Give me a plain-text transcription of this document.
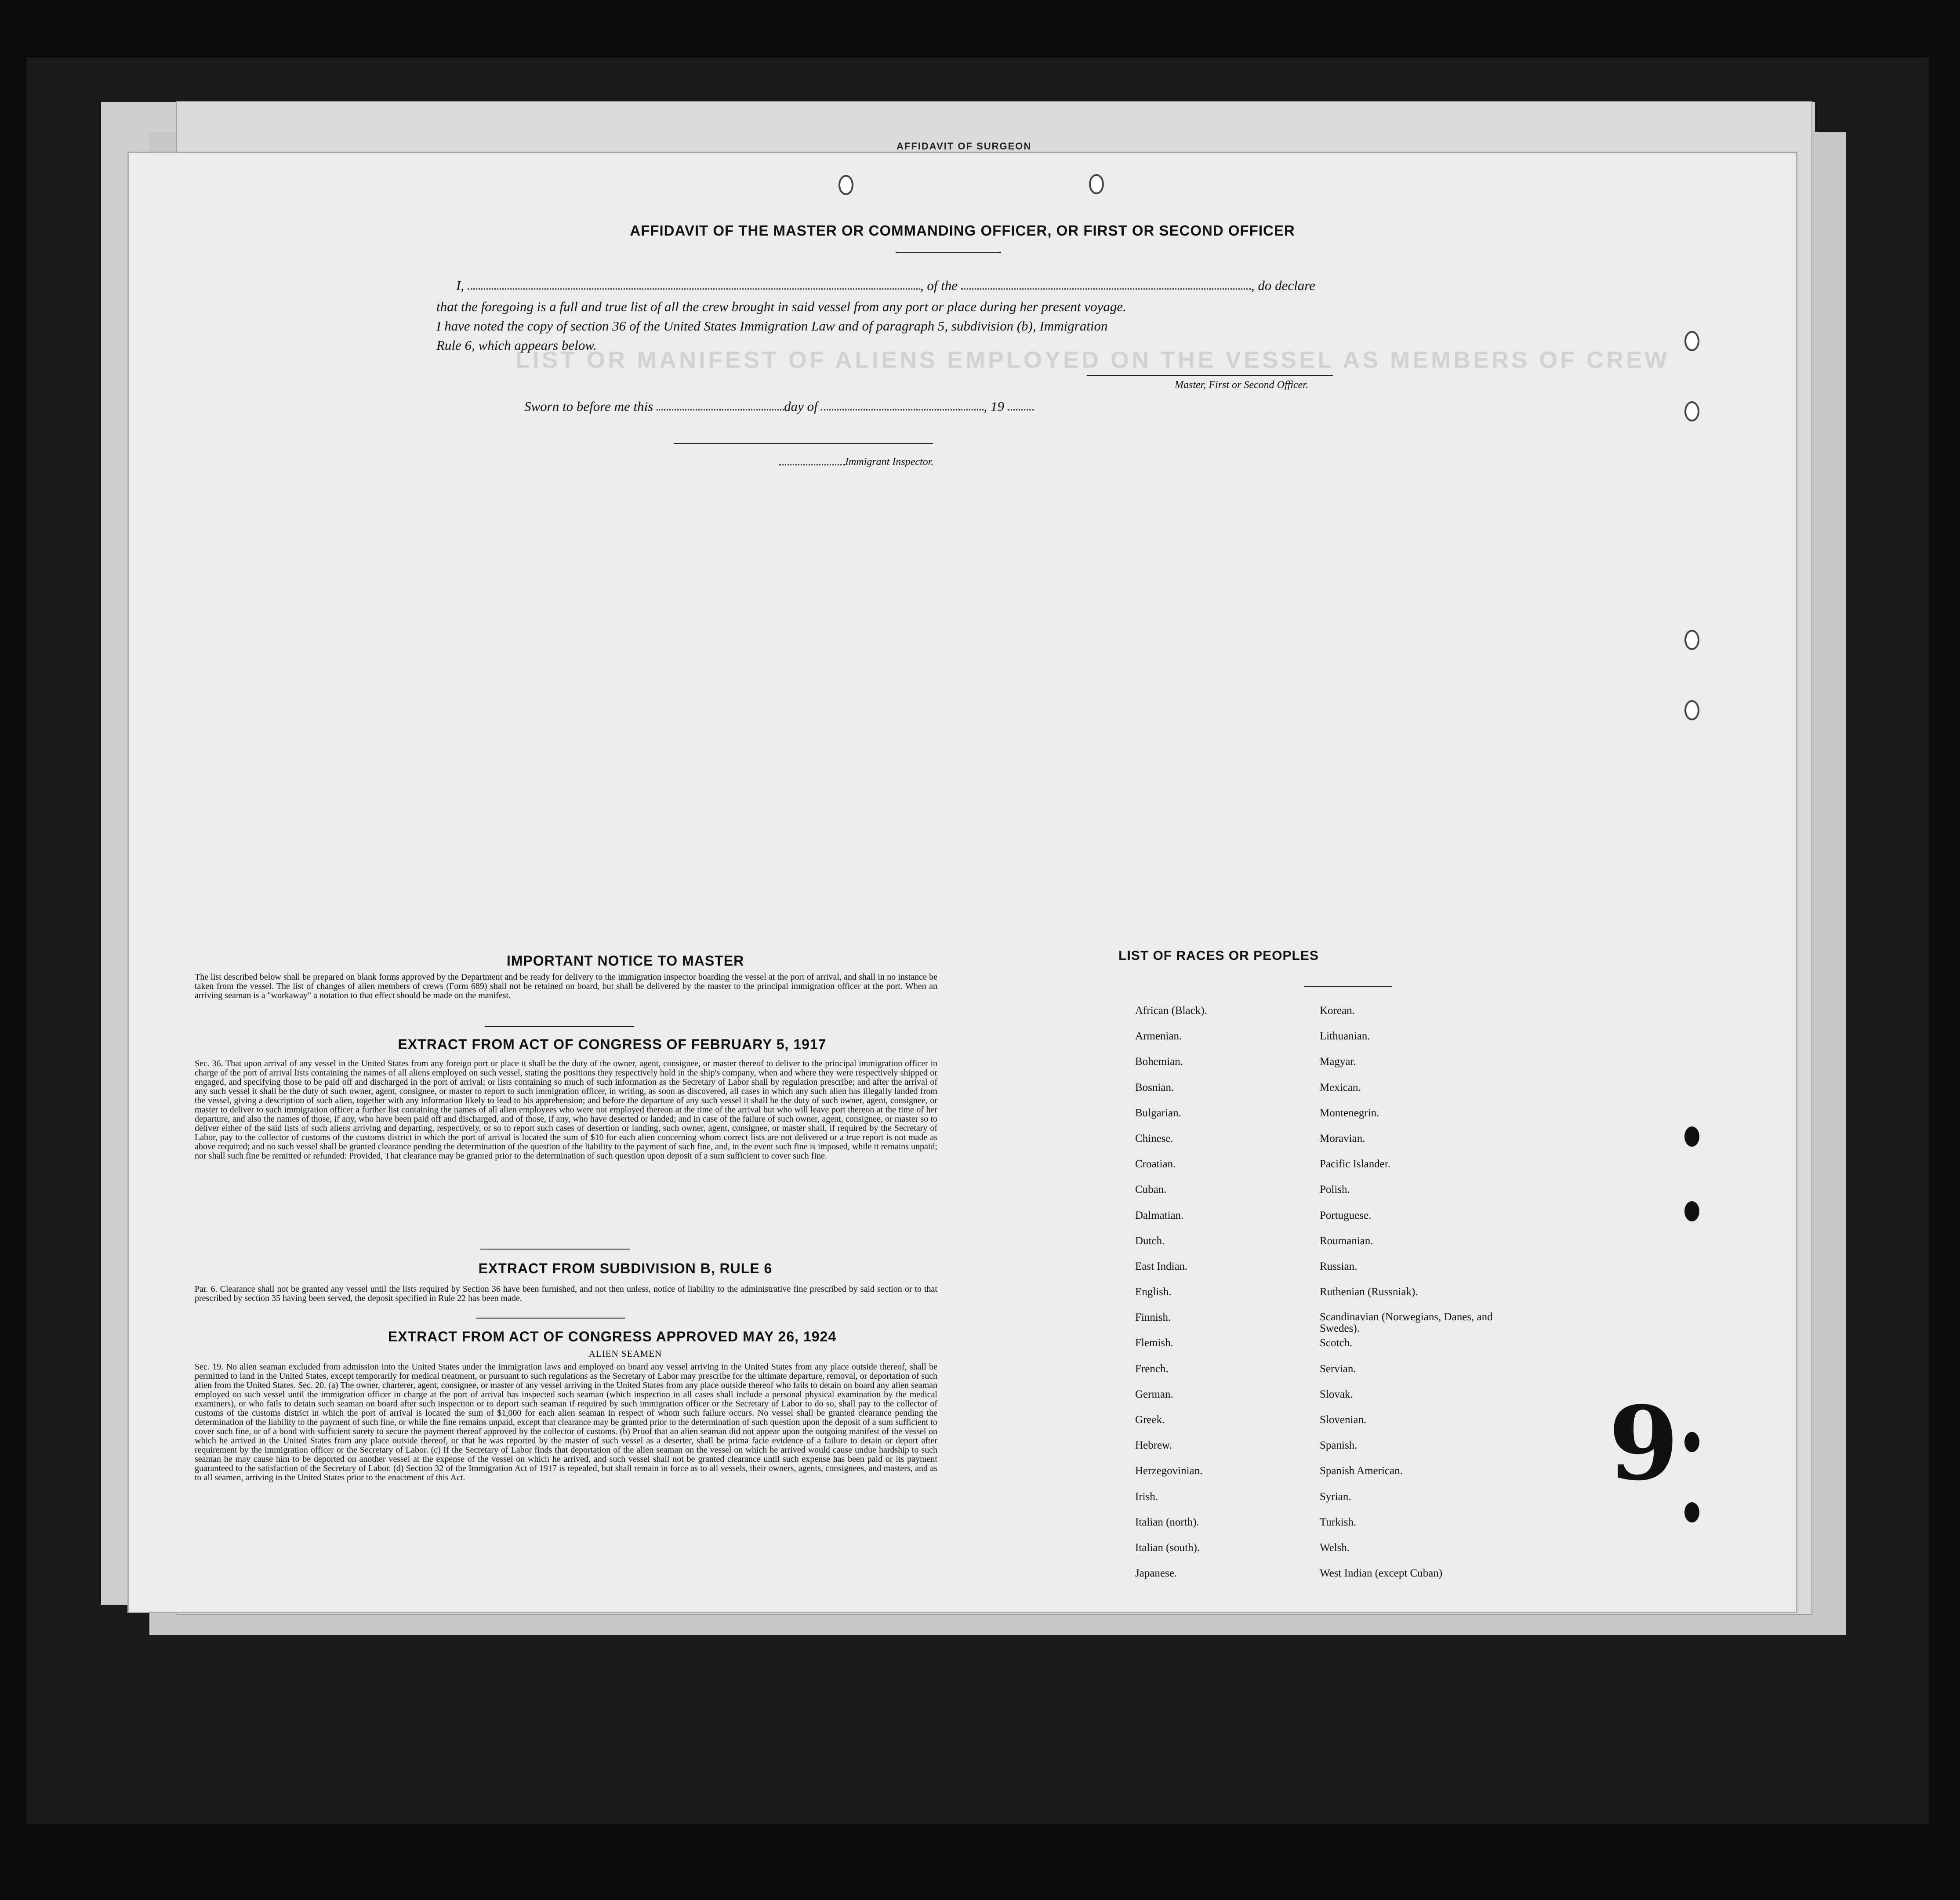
AFFIDAVIT OF SURGEON
LIST OR MANIFEST OF ALIENS EMPLOYED ON THE VESSEL AS MEMBERS OF CREW
AFFIDAVIT OF THE MASTER OR COMMANDING OFFICER, OR FIRST OR SECOND OFFICER
I,	, of the	, do declare
that the foregoing is a full and true list of all the crew brought in said vessel from any port or place during her present voyage.
I have noted the copy of section 36 of the United States Immigration Law and of paragraph 5, subdivision (b), Immigration
Rule 6, which appears below.
Master, First or Second Officer.
Sworn to before me this	day of	, 19
Immigrant Inspector.
IMPORTANT NOTICE TO MASTER
The list described below shall be prepared on blank forms approved by the Department and be ready for delivery to the immigration inspector boarding the vessel at the port of arrival, and shall in no instance be taken from the vessel. The list of changes of alien members of crews (Form 689) shall not be retained on board, but shall be delivered by the master to the principal immigration officer at the port. When an arriving seaman is a "workaway" a notation to that effect should be made on the manifest.
EXTRACT FROM ACT OF CONGRESS OF FEBRUARY 5, 1917
Sec. 36. That upon arrival of any vessel in the United States from any foreign port or place it shall be the duty of the owner, agent, consignee, or master thereof to deliver to the principal immigration officer in charge of the port of arrival lists containing the names of all aliens employed on such vessel, stating the positions they respectively hold in the ship's company, when and where they were respectively shipped or engaged, and specifying those to be paid off and discharged in the port of arrival; or lists containing so much of such information as the Secretary of Labor shall by regulation prescribe; and after the arrival of any such vessel it shall be the duty of such owner, agent, consignee, or master to report to such immigration officer, in writing, as soon as discovered, all cases in which any such alien has illegally landed from the vessel, giving a description of such alien, together with any information likely to lead to his apprehension; and before the departure of any such vessel it shall be the duty of such owner, agent, consignee, or master to deliver to such immigration officer a further list containing the names of all alien employees who were not employed thereon at the time of the arrival but who will leave port thereon at the time of her departure, and also the names of those, if any, who have been paid off and discharged, and of those, if any, who have deserted or landed; and in case of the failure of such owner, agent, consignee, or master so to deliver either of the said lists of such aliens arriving and departing, respectively, or so to report such cases of desertion or landing, such owner, agent, consignee, or master shall, if required by the Secretary of Labor, pay to the collector of customs of the customs district in which the port of arrival is located the sum of $10 for each alien concerning whom correct lists are not delivered or a true report is not made as above required; and no such vessel shall be granted clearance pending the determination of the question of the liability to the payment of such fine, and, in the event such fine is imposed, while it remains unpaid; nor shall such fine be remitted or refunded: Provided, That clearance may be granted prior to the determination of such question upon deposit of a sum sufficient to cover such fine.
EXTRACT FROM SUBDIVISION B, RULE 6
Par. 6. Clearance shall not be granted any vessel until the lists required by Section 36 have been furnished, and not then unless, notice of liability to the administrative fine prescribed by said section or to that prescribed by section 35 having been served, the deposit specified in Rule 22 has been made.
EXTRACT FROM ACT OF CONGRESS APPROVED MAY 26, 1924
ALIEN SEAMEN
Sec. 19. No alien seaman excluded from admission into the United States under the immigration laws and employed on board any vessel arriving in the United States from any place outside thereof, shall be permitted to land in the United States, except temporarily for medical treatment, or pursuant to such regulations as the Secretary of Labor may prescribe for the ultimate departure, removal, or deportation of such alien from the United States. Sec. 20. (a) The owner, charterer, agent, consignee, or master of any vessel arriving in the United States from any place outside thereof who fails to detain on board any alien seaman employed on such vessel until the immigration officer in charge at the port of arrival has inspected such seaman (which inspection in all cases shall include a personal physical examination by the medical examiners), or who fails to detain such seaman on board after such inspection or to deport such seaman if required by such immigration officer or the Secretary of Labor to do so, shall pay to the collector of customs of the customs district in which the port of arrival is located the sum of $1,000 for each alien seaman in respect of whom such failure occurs. No vessel shall be granted clearance pending the determination of the liability to the payment of such fine, or while the fine remains unpaid, except that clearance may be granted prior to the determination of such question upon the deposit of a sum sufficient to cover such fine, or of a bond with sufficient surety to secure the payment thereof approved by the collector of customs. (b) Proof that an alien seaman did not appear upon the outgoing manifest of the vessel on which he arrived in the United States from any place outside thereof, or that he was reported by the master of such vessel as a deserter, shall be prima facie evidence of a failure to detain or deport after requirement by the immigration officer or the Secretary of Labor. (c) If the Secretary of Labor finds that deportation of the alien seaman on the vessel on which he arrived would cause undue hardship to such seaman he may cause him to be deported on another vessel at the expense of the vessel on which he arrived, and such vessel shall not be granted clearance until such expense has been paid or its payment guaranteed to the satisfaction of the Secretary of Labor. (d) Section 32 of the Immigration Act of 1917 is repealed, but shall remain in force as to all vessels, their owners, agents, consignees, and masters, and as to all seamen, arriving in the United States prior to the enactment of this Act.
LIST OF RACES OR PEOPLES
African (Black).
Armenian.
Bohemian.
Bosnian.
Bulgarian.
Chinese.
Croatian.
Cuban.
Dalmatian.
Dutch.
East Indian.
English.
Finnish.
Flemish.
French.
German.
Greek.
Hebrew.
Herzegovinian.
Irish.
Italian (north).
Italian (south).
Japanese.
Korean.
Lithuanian.
Magyar.
Mexican.
Montenegrin.
Moravian.
Pacific Islander.
Polish.
Portuguese.
Roumanian.
Russian.
Ruthenian (Russniak).
Scandinavian (Norwegians, Danes, and Swedes).
Scotch.
Servian.
Slovak.
Slovenian.
Spanish.
Spanish American.
Syrian.
Turkish.
Welsh.
West Indian (except Cuban)
9
